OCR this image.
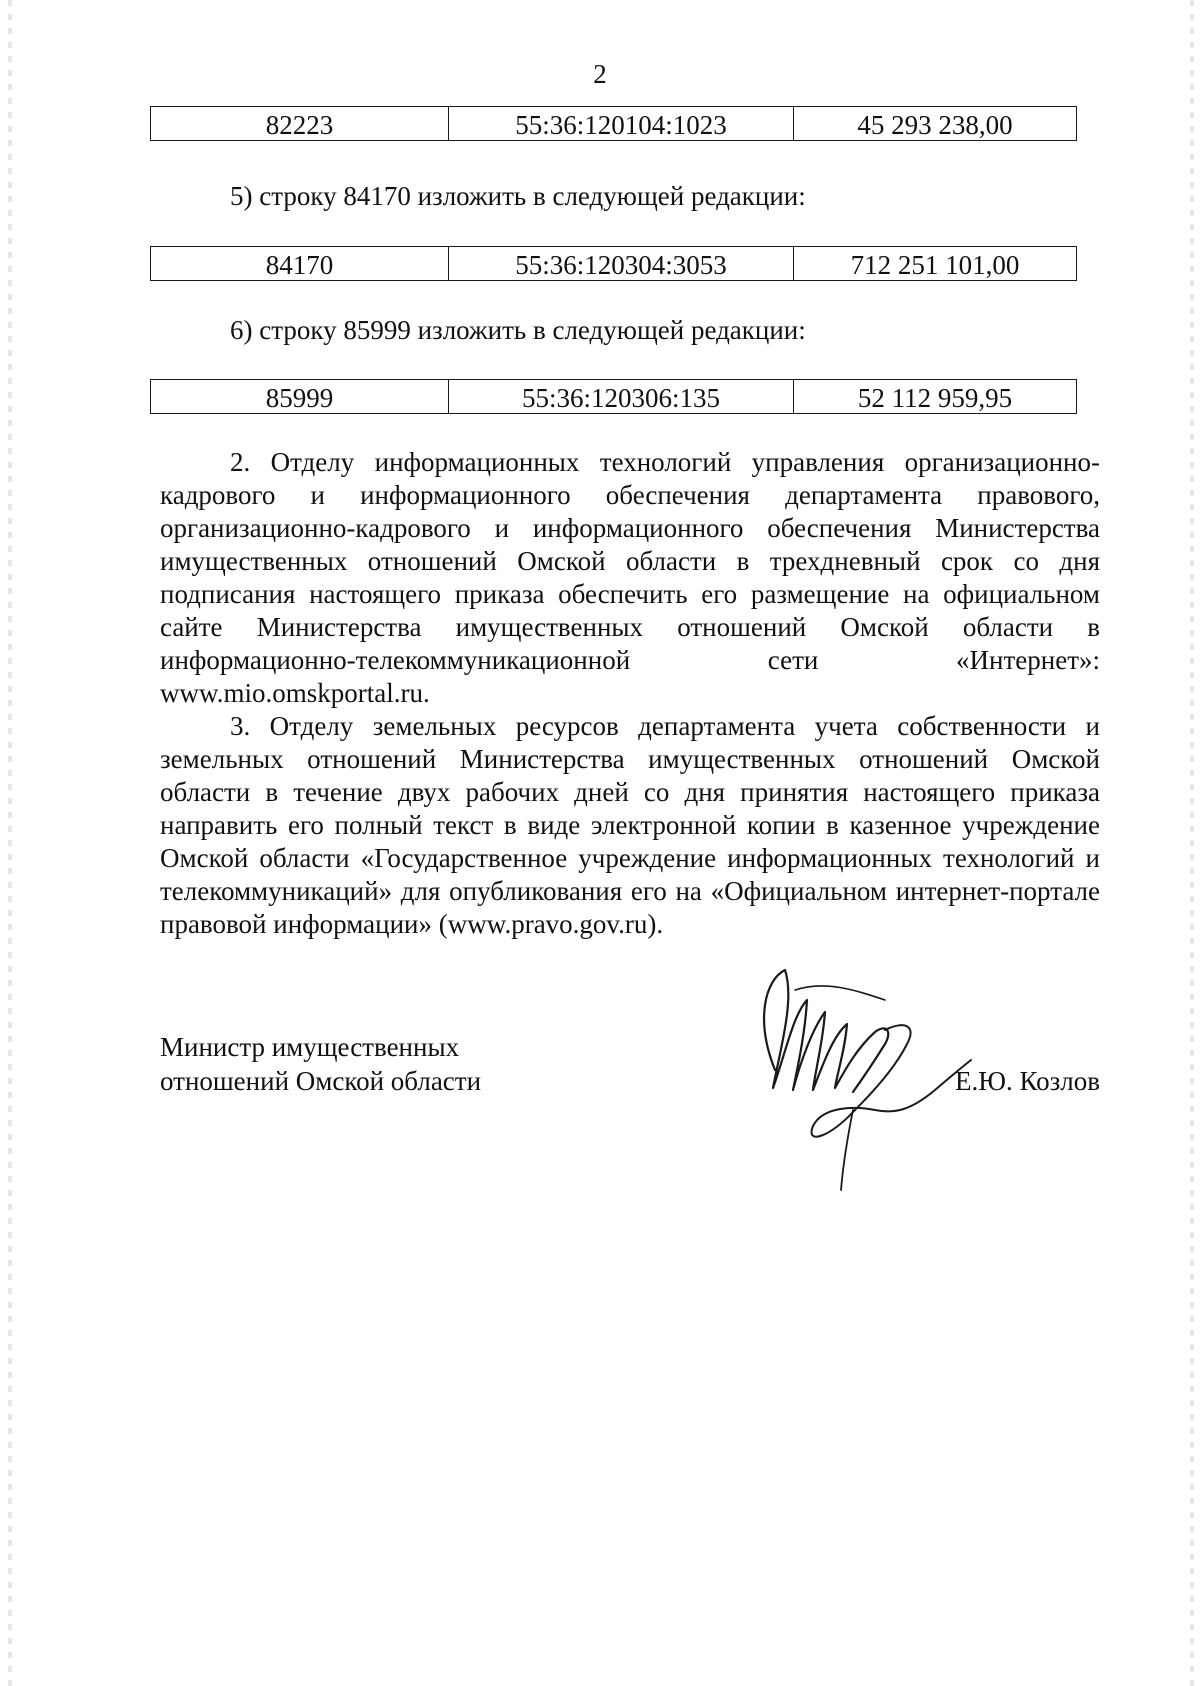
2
82223	55:36:120104:1023	45 293 238,00
5) строку 84170 изложить в следующей редакции:
84170	55:36:120304:3053	712 251 101,00
6) строку 85999 изложить в следующей редакции:
85999	55:36:120306:135	52 112 959,95

2. Отделу информационных технологий управления организационно-кадрового и информационного обеспечения департамента правового, организационно-кадрового и информационного обеспечения Министерства имущественных отношений Омской области в трехдневный срок со дня подписания настоящего приказа обеспечить его размещение на официальном сайте Министерства имущественных отношений Омской области в информационно-телекоммуникационной сети «Интернет»: www.mio.omskportal.ru.

3. Отделу земельных ресурсов департамента учета собственности и земельных отношений Министерства имущественных отношений Омской области в течение двух рабочих дней со дня принятия настоящего приказа направить его полный текст в виде электронной копии в казенное учреждение Омской области «Государственное учреждение информационных технологий и телекоммуникаций» для опубликования его на «Официальном интернет-портале правовой информации» (www.pravo.gov.ru).

Министр имущественных
отношений Омской области	Е.Ю. Козлов
